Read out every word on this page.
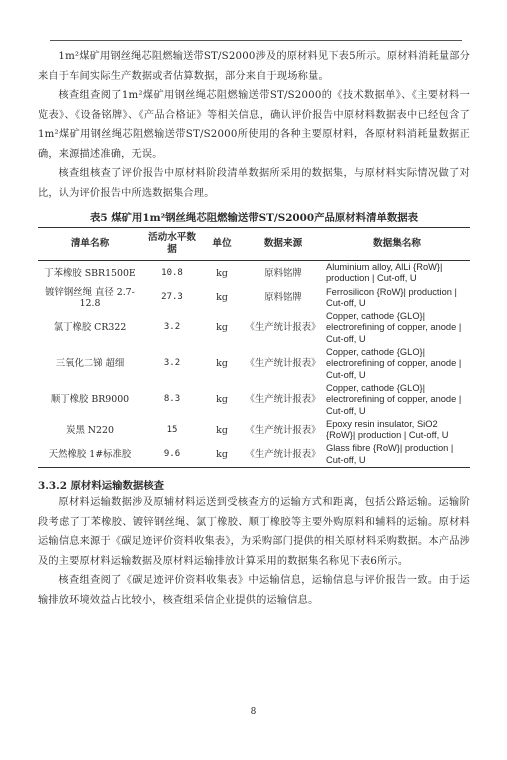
1m²煤矿用钢丝绳芯阻燃输送带ST/S2000涉及的原材料见下表5所示。原材料消耗量部分来自于车间实际生产数据或者估算数据，部分来自于现场称量。

核查组查阅了1m²煤矿用钢丝绳芯阻燃输送带ST/S2000的《技术数据单》、《主要材料一览表》、《设备铭牌》、《产品合格证》等相关信息，确认评价报告中原材料数据表中已经包含了1m²煤矿用钢丝绳芯阻燃输送带ST/S2000所使用的各种主要原材料，各原材料消耗量数据正确，来源描述准确，无误。

核查组核查了评价报告中原材料阶段清单数据所采用的数据集，与原材料实际情况做了对比，认为评价报告中所选数据集合理。

表5 煤矿用1m²钢丝绳芯阻燃输送带ST/S2000产品原材料清单数据表
清单名称	活动水平数据	单位	数据来源	数据集名称
丁苯橡胶 SBR1500E	10.8	kg	原料铭牌	Aluminium alloy, AlLi {RoW}| production | Cut-off, U
镀锌钢丝绳 直径 2.7-12.8	27.3	kg	原料铭牌	Ferrosilicon {RoW}| production | Cut-off, U
氯丁橡胶 CR322	3.2	kg	《生产统计报表》	Copper, cathode {GLO}| electrorefining of copper, anode | Cut-off, U
三氧化二锑 超细	3.2	kg	《生产统计报表》	Copper, cathode {GLO}| electrorefining of copper, anode | Cut-off, U
顺丁橡胶 BR9000	8.3	kg	《生产统计报表》	Copper, cathode {GLO}| electrorefining of copper, anode | Cut-off, U
炭黑 N220	15	kg	《生产统计报表》	Epoxy resin insulator, SiO2 {RoW}| production | Cut-off, U
天然橡胶 1#标准胶	9.6	kg	《生产统计报表》	Glass fibre {RoW}| production | Cut-off, U
3.3.2 原材料运输数据核查

原材料运输数据涉及原辅材料运送到受核查方的运输方式和距离，包括公路运输。运输阶段考虑了丁苯橡胶、镀锌钢丝绳、氯丁橡胶、顺丁橡胶等主要外购原料和辅料的运输。原材料运输信息来源于《碳足迹评价资料收集表》，为采购部门提供的相关原材料采购数据。本产品涉及的主要原材料运输数据及原材料运输排放计算采用的数据集名称见下表6所示。

核查组查阅了《碳足迹评价资料收集表》中运输信息，运输信息与评价报告一致。由于运输排放环境效益占比较小，核查组采信企业提供的运输信息。

8
